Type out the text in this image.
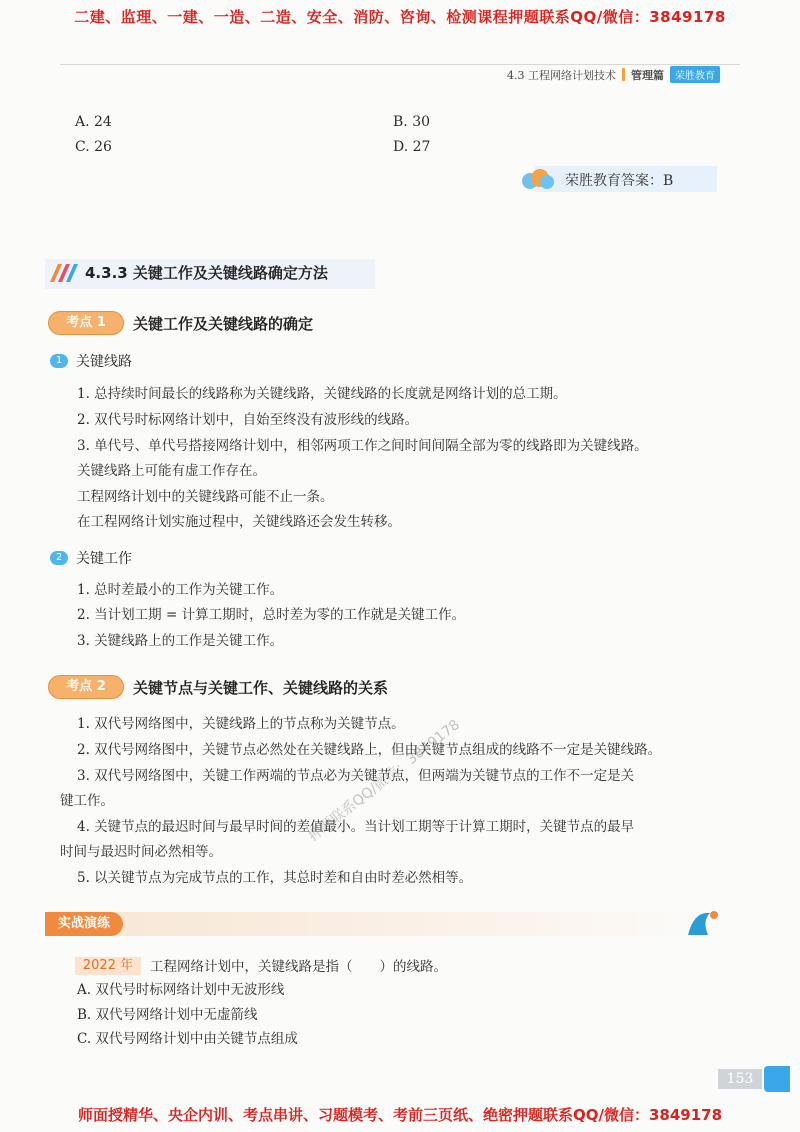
二建、监理、一建、一造、二造、安全、消防、咨询、检测课程押题联系QQ/微信：3849178
4.3 工程网络计划技术 管理篇	荣胜教育
A. 24	B. 30
C. 26	D. 27
荣胜教育答案：B
4.3.3 关键工作及关键线路确定方法
考点 1	关键工作及关键线路的确定
1 关键线路
1. 总持续时间最长的线路称为关键线路，关键线路的长度就是网络计划的总工期。
2. 双代号时标网络计划中，自始至终没有波形线的线路。
3. 单代号、单代号搭接网络计划中，相邻两项工作之间时间间隔全部为零的线路即为关键线路。
关键线路上可能有虚工作存在。
工程网络计划中的关键线路可能不止一条。
在工程网络计划实施过程中，关键线路还会发生转移。
2 关键工作
1. 总时差最小的工作为关键工作。
2. 当计划工期 = 计算工期时，总时差为零的工作就是关键工作。
3. 关键线路上的工作是关键工作。
考点 2	关键节点与关键工作、关键线路的关系
1. 双代号网络图中，关键线路上的节点称为关键节点。
2. 双代号网络图中，关键节点必然处在关键线路上，但由关键节点组成的线路不一定是关键线路。
3. 双代号网络图中，关键工作两端的节点必为关键节点，但两端为关键节点的工作不一定是关
键工作。
4. 关键节点的最迟时间与最早时间的差值最小。当计划工期等于计算工期时，关键节点的最早
时间与最迟时间必然相等。
5. 以关键节点为完成节点的工作，其总时差和自由时差必然相等。
押题联系QQ/微信：3849178
实战演练
2022 年	工程网络计划中，关键线路是指（　　）的线路。
A. 双代号时标网络计划中无波形线
B. 双代号网络计划中无虚箭线
C. 双代号网络计划中由关键节点组成
153
师面授精华、央企内训、考点串讲、习题模考、考前三页纸、绝密押题联系QQ/微信：3849178
